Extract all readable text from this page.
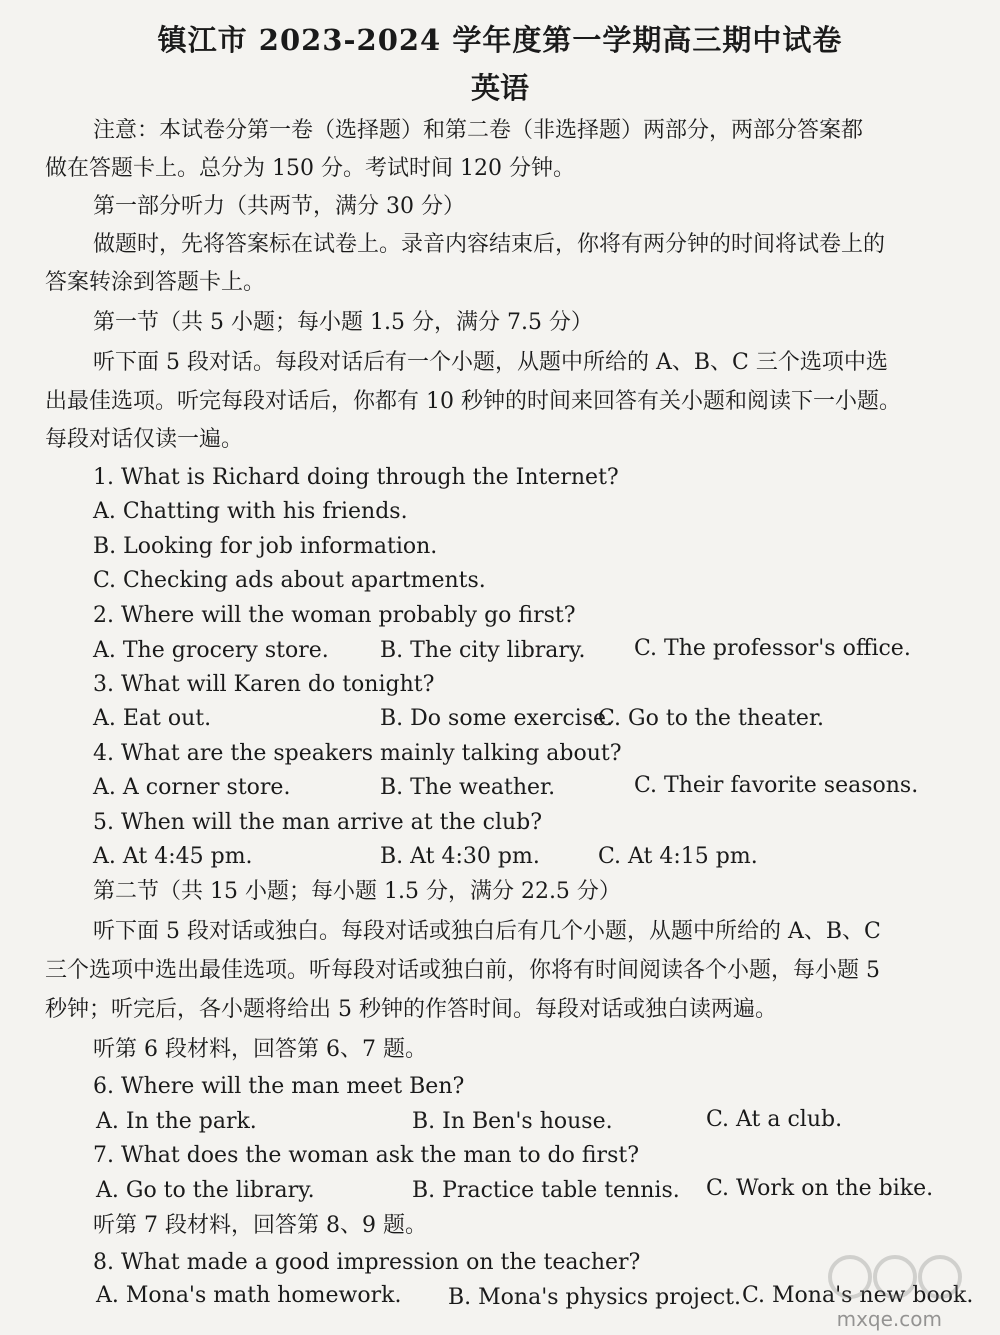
镇江市 2023-2024 学年度第一学期高三期中试卷
英语
注意：本试卷分第一卷（选择题）和第二卷（非选择题）两部分，两部分答案都
做在答题卡上。总分为 150 分。考试时间 120 分钟。
第一部分听力（共两节，满分 30 分）
做题时，先将答案标在试卷上。录音内容结束后，你将有两分钟的时间将试卷上的
答案转涂到答题卡上。
第一节（共 5 小题；每小题 1.5 分，满分 7.5 分）
听下面 5 段对话。每段对话后有一个小题，从题中所给的 A、B、C 三个选项中选
出最佳选项。听完每段对话后，你都有 10 秒钟的时间来回答有关小题和阅读下一小题。
每段对话仅读一遍。
1. What is Richard doing through the Internet?
A. Chatting with his friends.
B. Looking for job information.
C. Checking ads about apartments.
2. Where will the woman probably go first?
A. The grocery store. B. The city library. C. The professor's office.
3. What will Karen do tonight?
A. Eat out.	B. Do some exercise.
C. Go to the theater.
4. What are the speakers mainly talking about?
A. A corner store.	B. The weather.	C. Their favorite seasons.
5. When will the man arrive at the club?
A. At 4:45 pm.	B. At 4:30 pm.	C. At 4:15 pm.
第二节（共 15 小题；每小题 1.5 分，满分 22.5 分）
听下面 5 段对话或独白。每段对话或独白后有几个小题，从题中所给的 A、B、C
三个选项中选出最佳选项。听每段对话或独白前，你将有时间阅读各个小题，每小题 5
秒钟；听完后，各小题将给出 5 秒钟的作答时间。每段对话或独白读两遍。
听第 6 段材料，回答第 6、7 题。
6. Where will the man meet Ben?
A. In the park.	B. In Ben's house.	C. At a club.
7. What does the woman ask the man to do first?
A. Go to the library.	B. Practice table tennis. C. Work on the bike.
听第 7 段材料，回答第 8、9 题。
8. What made a good impression on the teacher?
A. Mona's math homework. B. Mona's physics project. C. Mona's new book.
mxqe.com
